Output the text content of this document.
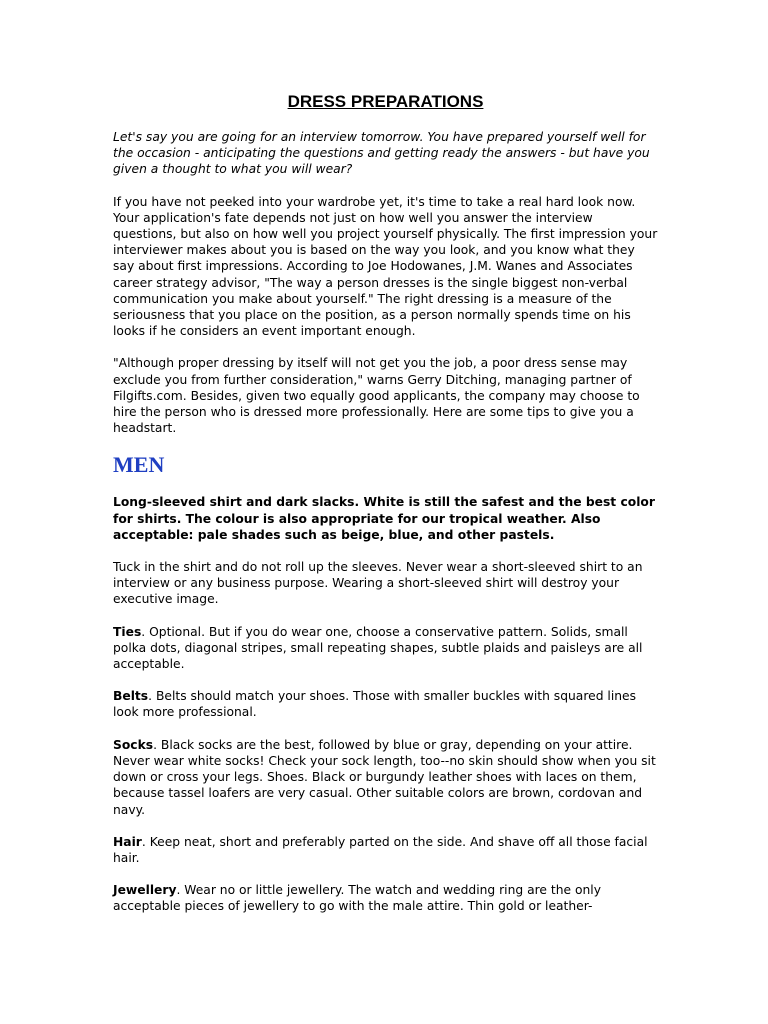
DRESS PREPARATIONS

Let's say you are going for an interview tomorrow. You have prepared yourself well for the occasion - anticipating the questions and getting ready the answers - but have you given a thought to what you will wear?

If you have not peeked into your wardrobe yet, it's time to take a real hard look now. Your application's fate depends not just on how well you answer the interview questions, but also on how well you project yourself physically. The first impression your interviewer makes about you is based on the way you look, and you know what they say about first impressions. According to Joe Hodowanes, J.M. Wanes and Associates career strategy advisor, "The way a person dresses is the single biggest non-verbal communication you make about yourself." The right dressing is a measure of the seriousness that you place on the position, as a person normally spends time on his looks if he considers an event important enough.

"Although proper dressing by itself will not get you the job, a poor dress sense may exclude you from further consideration," warns Gerry Ditching, managing partner of Filgifts.com. Besides, given two equally good applicants, the company may choose to hire the person who is dressed more professionally. Here are some tips to give you a headstart.

MEN

Long-sleeved shirt and dark slacks. White is still the safest and the best color for shirts. The colour is also appropriate for our tropical weather. Also acceptable: pale shades such as beige, blue, and other pastels.

Tuck in the shirt and do not roll up the sleeves. Never wear a short-sleeved shirt to an interview or any business purpose. Wearing a short-sleeved shirt will destroy your executive image.

Ties. Optional. But if you do wear one, choose a conservative pattern. Solids, small polka dots, diagonal stripes, small repeating shapes, subtle plaids and paisleys are all acceptable.

Belts. Belts should match your shoes. Those with smaller buckles with squared lines look more professional.

Socks. Black socks are the best, followed by blue or gray, depending on your attire. Never wear white socks! Check your sock length, too--no skin should show when you sit down or cross your legs. Shoes. Black or burgundy leather shoes with laces on them, because tassel loafers are very casual. Other suitable colors are brown, cordovan and navy.

Hair. Keep neat, short and preferably parted on the side. And shave off all those facial hair.

Jewellery. Wear no or little jewellery. The watch and wedding ring are the only acceptable pieces of jewellery to go with the male attire. Thin gold or leather-
